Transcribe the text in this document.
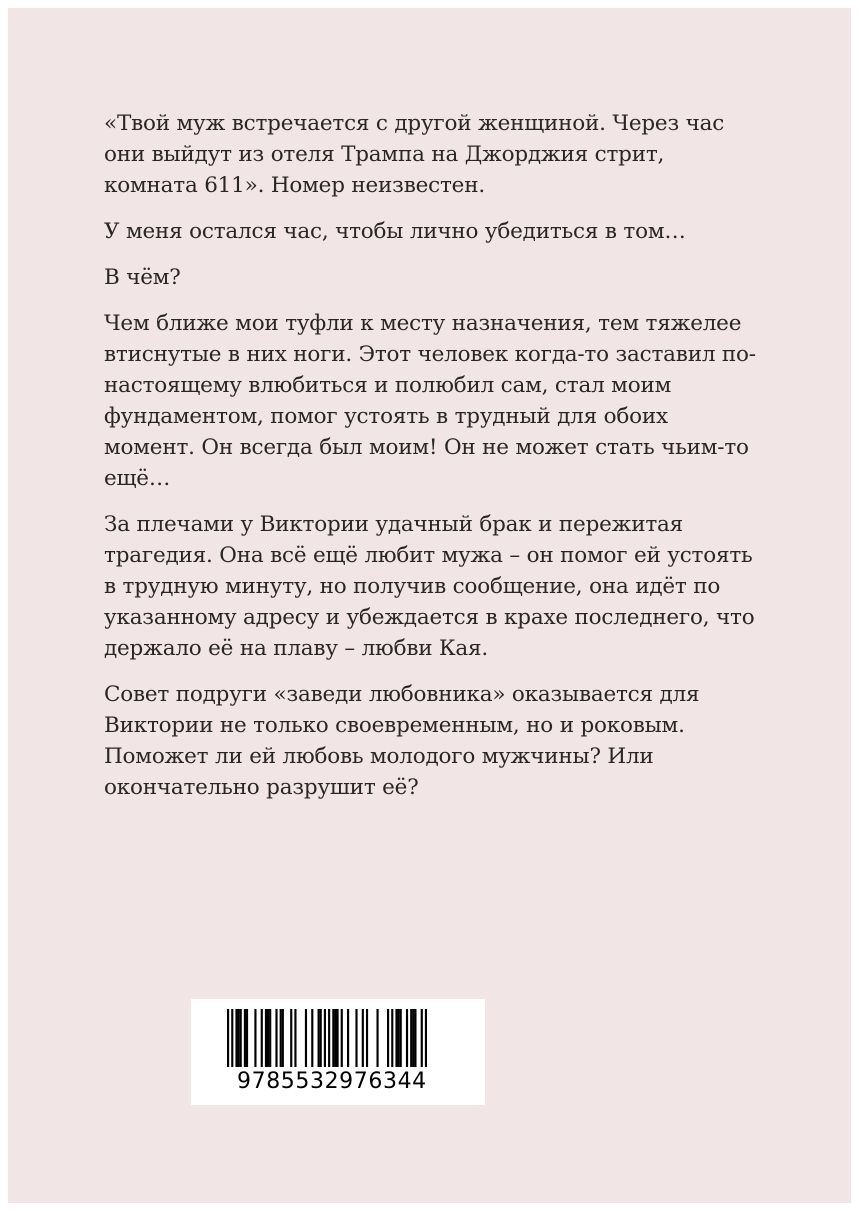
«Твой муж встречается с другой женщиной. Через час они выйдут из отеля Трампа на Джорджия стрит, комната 611». Номер неизвестен.

У меня остался час, чтобы лично убедиться в том…

В чём?

Чем ближе мои туфли к месту назначения, тем тяжелее втиснутые в них ноги. Этот человек когда-то заставил по-настоящему влюбиться и полюбил сам, стал моим фундаментом, помог устоять в трудный для обоих момент. Он всегда был моим! Он не может стать чьим-то ещё…

За плечами у Виктории удачный брак и пережитая трагедия. Она всё ещё любит мужа – он помог ей устоять в трудную минуту, но получив сообщение, она идёт по указанному адресу и убеждается в крахе последнего, что держало её на плаву – любви Кая.

Совет подруги «заведи любовника» оказывается для Виктории не только своевременным, но и роковым. Поможет ли ей любовь молодого мужчины? Или окончательно разрушит её?

9785532976344
